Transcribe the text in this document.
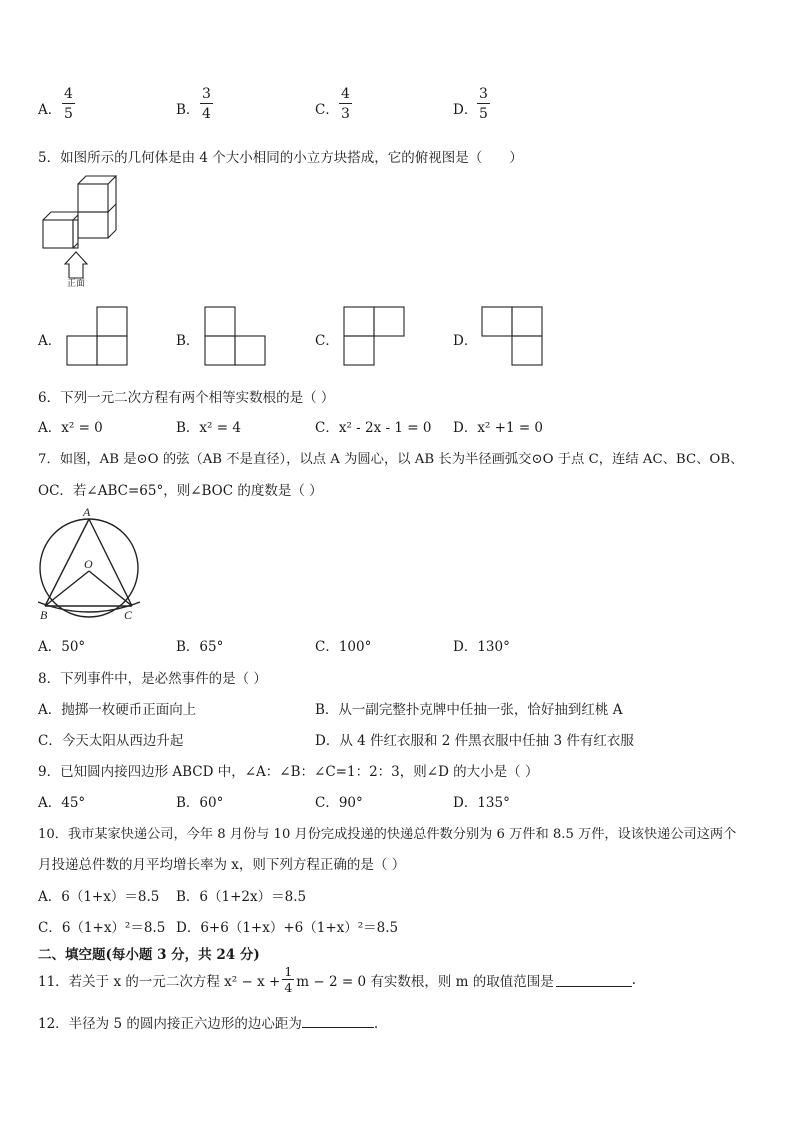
A． $\frac{4}{5}$	B． $\frac{3}{4}$	C． $\frac{4}{3}$	D． $\frac{3}{5}$
5．如图所示的几何体是由 4 个大小相同的小立方块搭成，它的俯视图是（　　）
正面
A．	B．	C．	D．
6．下列一元二次方程有两个相等实数根的是（ ）
A．x² = 0	B．x² = 4	C．x² - 2x - 1 = 0 D．x² +1 = 0
7．如图，AB 是⊙O 的弦（AB 不是直径），以点 A 为圆心，以 AB 长为半径画弧交⊙O 于点 C，连结 AC、BC、OB、
OC．若∠ABC=65°，则∠BOC 的度数是（ ）
A
O
B	C
A．50°	B．65°	C．100°	D．130°
8．下列事件中，是必然事件的是（ ）
A．抛掷一枚硬币正面向上	B．从一副完整扑克牌中任抽一张，恰好抽到红桃 A
C．今天太阳从西边升起	D．从 4 件红衣服和 2 件黑衣服中任抽 3 件有红衣服
9．已知圆内接四边形 ABCD 中，∠A：∠B：∠C=1：2：3，则∠D 的大小是（ ）
A．45°	B．60°	C．90°	D．135°
10．我市某家快递公司，今年 8 月份与 10 月份完成投递的快递总件数分别为 6 万件和 8.5 万件，设该快递公司这两个
月投递总件数的月平均增长率为 x，则下列方程正确的是（ ）
A．6（1+x）＝8.5 B．6（1+2x）＝8.5
C．6（1+x）²＝8.5 D．6+6（1+x）+6（1+x）²＝8.5
二、填空题(每小题 3 分，共 24 分)
11．若关于 x 的一元二次方程 $x^2 - x + \frac{1}{4}$ m − 2 = 0 有实数根，则 m 的取值范围是	.
12．半径为 5 的圆内接正六边形的边心距为	.
